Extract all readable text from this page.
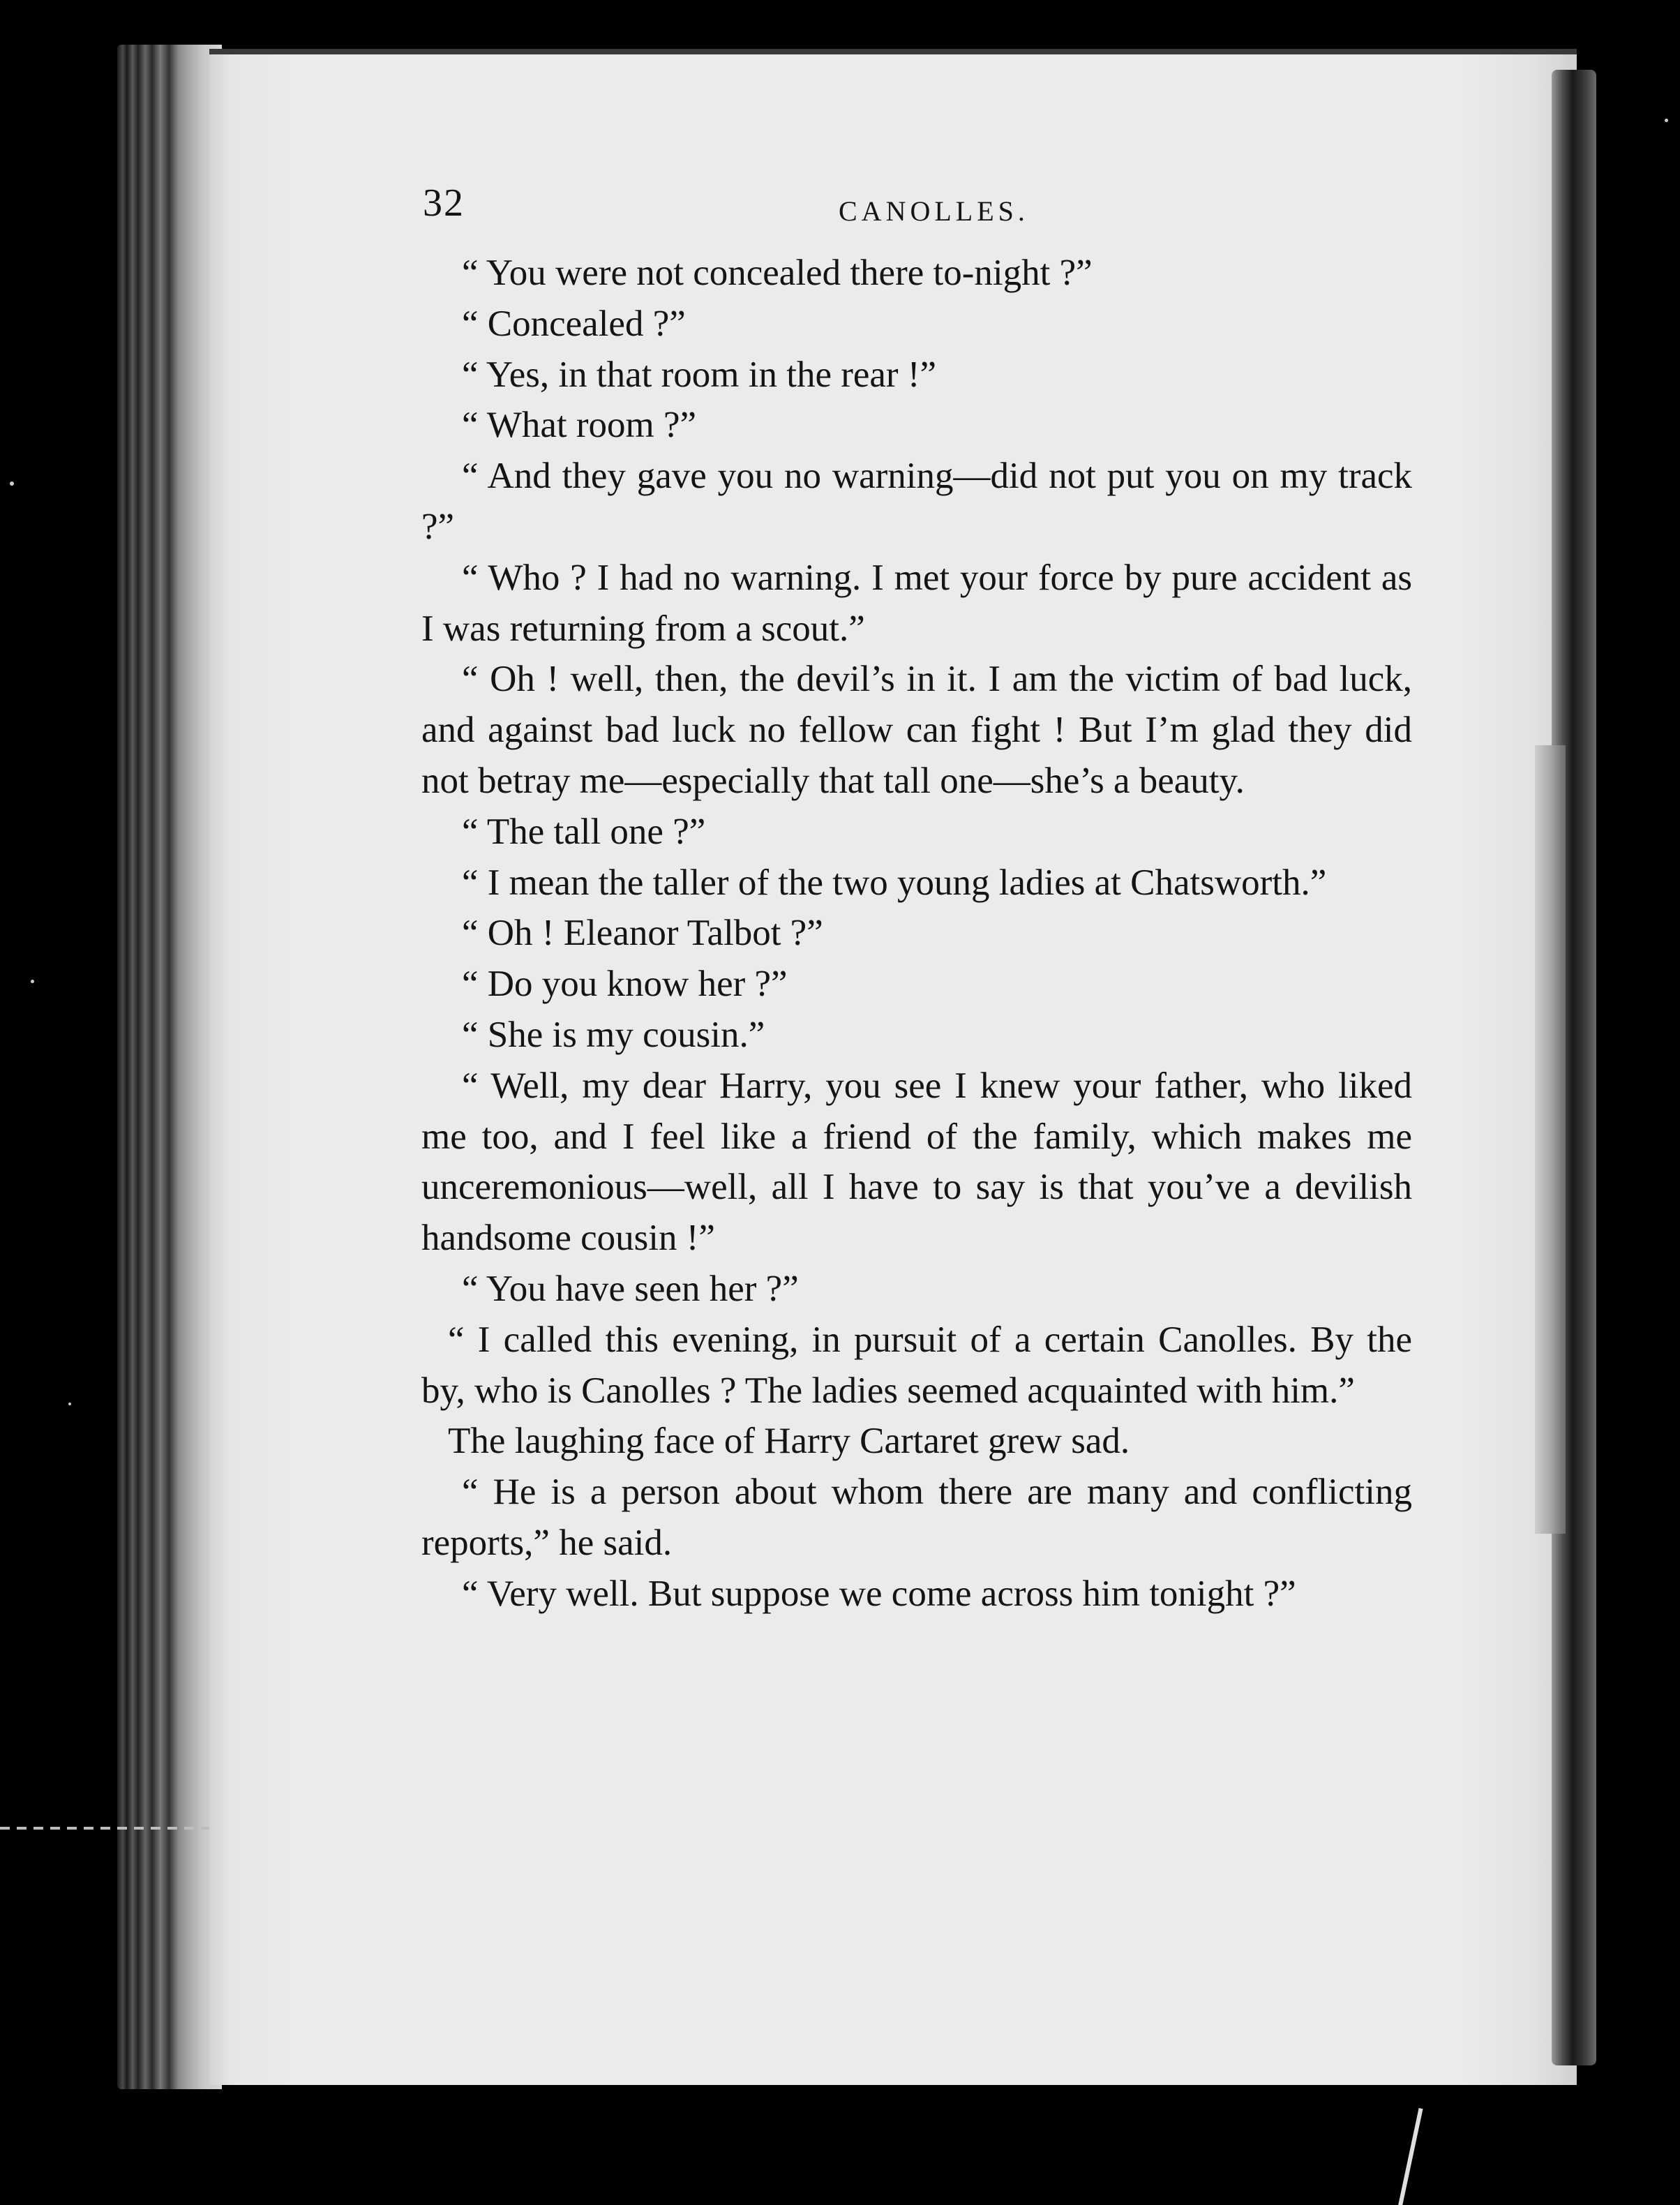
32	CANOLLES.

“ You were not concealed there to-night ?”

“ Concealed ?”

“ Yes, in that room in the rear !”

“ What room ?”

“ And they gave you no warning—did not put you on my track ?”

“ Who ? I had no warning. I met your force by pure accident as I was returning from a scout.”

“ Oh ! well, then, the devil’s in it. I am the victim of bad luck, and against bad luck no fellow can fight ! But I’m glad they did not betray me—especially that tall one—she’s a beauty.

“ The tall one ?”

“ I mean the taller of the two young ladies at Chatsworth.”

“ Oh ! Eleanor Talbot ?”

“ Do you know her ?”

“ She is my cousin.”

“ Well, my dear Harry, you see I knew your father, who liked me too, and I feel like a friend of the family, which makes me unceremonious—well, all I have to say is that you’ve a devilish handsome cousin !”

“ You have seen her ?”

“ I called this evening, in pursuit of a certain Canolles. By the by, who is Canolles ? The ladies seemed acquainted with him.”

The laughing face of Harry Cartaret grew sad.

“ He is a person about whom there are many and conflicting reports,” he said.

“ Very well. But suppose we come across him tonight ?”
